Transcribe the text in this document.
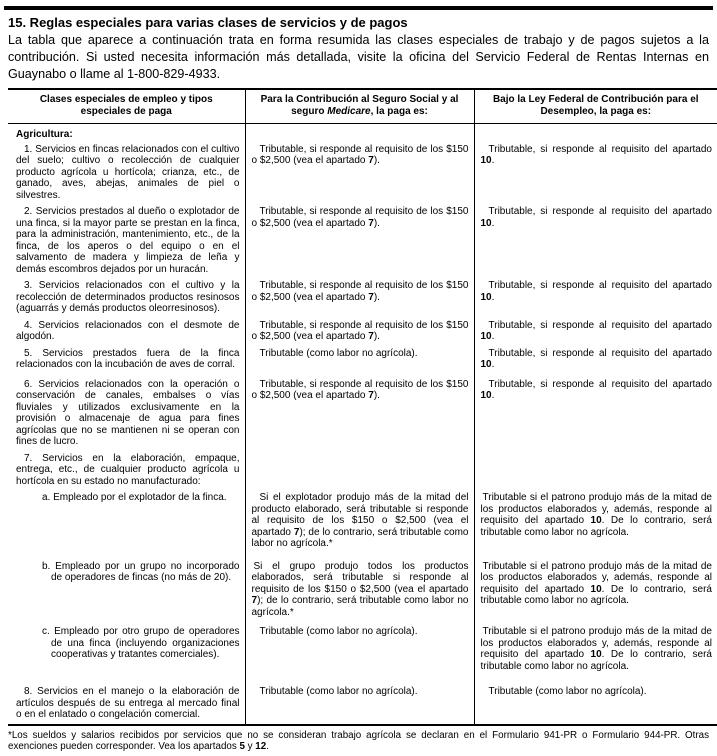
15. Reglas especiales para varias clases de servicios y de pagos
La tabla que aparece a continuación trata en forma resumida las clases especiales de trabajo y de pagos sujetos a la contribución. Si usted necesita información más detallada, visite la oficina del Servicio Federal de Rentas Internas en Guaynabo o llame al 1-800-829-4933.
Clases especiales de empleo y tipos especiales de paga	Para la Contribución al Seguro Social y al seguro Medicare, la paga es:	Bajo la Ley Federal de Contribución para el Desempleo, la paga es:
Agricultura:		

1. Servicios en fincas relacionados con el cultivo del suelo; cultivo o recolección de cualquier producto agrícola u hortícola; crianza, etc., de ganado, aves, abejas, animales de piel o silvestres.	Tributable, si responde al requisito de los $150 o $2,500 (vea el apartado 7).	Tributable, si responde al requisito del apartado 10.

2. Servicios prestados al dueño o explotador de una finca, si la mayor parte se prestan en la finca, para la administración, mantenimiento, etc., de la finca, de los aperos o del equipo o en el salvamento de madera y limpieza de leña y demás escombros dejados por un huracán.	Tributable, si responde al requisito de los $150 o $2,500 (vea el apartado 7).	Tributable, si responde al requisito del apartado 10.

3. Servicios relacionados con el cultivo y la recolección de determinados productos resinosos (aguarrás y demás productos oleorresinosos).	Tributable, si responde al requisito de los $150 o $2,500 (vea el apartado 7).	Tributable, si responde al requisito del apartado 10.

4. Servicios relacionados con el desmote de algodón.	Tributable, si responde al requisito de los $150 o $2,500 (vea el apartado 7).	Tributable, si responde al requisito del apartado 10.

5. Servicios prestados fuera de la finca relacionados con la incubación de aves de corral.	Tributable (como labor no agrícola).	Tributable, si responde al requisito del apartado 10.

6. Servicios relacionados con la operación o conservación de canales, embalses o vías fluviales y utilizados exclusivamente en la provisión o almacenaje de agua para fines agrícolas que no se mantienen ni se operan con fines de lucro.	Tributable, si responde al requisito de los $150 o $2,500 (vea el apartado 7).	Tributable, si responde al requisito del apartado 10.

7. Servicios en la elaboración, empaque, entrega, etc., de cualquier producto agrícola u hortícola en su estado no manufacturado:		

a. Empleado por el explotador de la finca.	Si el explotador produjo más de la mitad del producto elaborado, será tributable si responde al requisito de los $150 o $2,500 (vea el apartado 7); de lo contrario, será tributable como labor no agrícola.*	Tributable si el patrono produjo más de la mitad de los productos elaborados y, además, responde al requisito del apartado 10. De lo contrario, será tributable como labor no agrícola.

b. Empleado por un grupo no incorporado de operadores de fincas (no más de 20).	Si el grupo produjo todos los productos elaborados, será tributable si responde al requisito de los $150 o $2,500 (vea el apartado 7); de lo contrario, será tributable como labor no agrícola.*	Tributable si el patrono produjo más de la mitad de los productos elaborados y, además, responde al requisito del apartado 10. De lo contrario, será tributable como labor no agrícola.

c. Empleado por otro grupo de operadores de una finca (incluyendo organizaciones cooperativas y tratantes comerciales).	Tributable (como labor no agrícola).	Tributable si el patrono produjo más de la mitad de los productos elaborados y, además, responde al requisito del apartado 10. De lo contrario, será tributable como labor no agrícola.

8. Servicios en el manejo o la elaboración de artículos después de su entrega al mercado final o en el enlatado o congelación comercial.	Tributable (como labor no agrícola).	Tributable (como labor no agrícola).

*Los sueldos y salarios recibidos por servicios que no se consideran trabajo agrícola se declaran en el Formulario 941-PR o Formulario 944-PR. Otras exenciones pueden corresponder. Vea los apartados 5 y 12.
